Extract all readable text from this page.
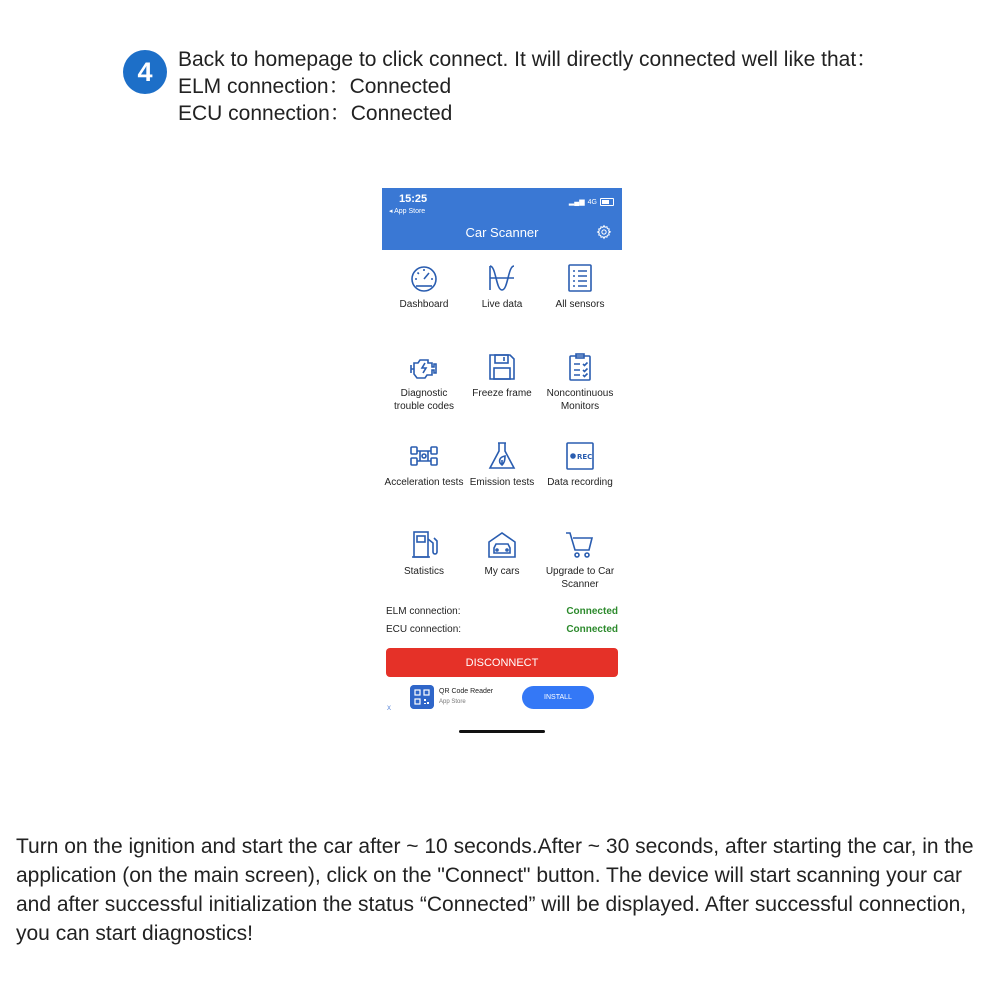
4	Back to homepage to click connect. It will directly connected well like that：
ELM connection：Connected
ECU connection：Connected
15:25
◂ App Store
▂▄▆ 4G
Car Scanner
Dashboard	Live data	All sensors
Diagnostic trouble codes
Freeze frame	Noncontinuous Monitors
Acceleration tests Emission tests
REC
Data recording
Statistics	My cars	Upgrade to Car Scanner
ELM connection:	Connected
ECU connection:	Connected
DISCONNECT
X
QR Code Reader
App Store
INSTALL
Turn on the ignition and start the car after ~ 10 seconds.After ~ 30 seconds, after starting the car, in the application (on the main screen), click on the "Connect" button. The device will start scanning your car and after successful initialization the status “Connected” will be displayed. After successful connection, you can start diagnostics!
